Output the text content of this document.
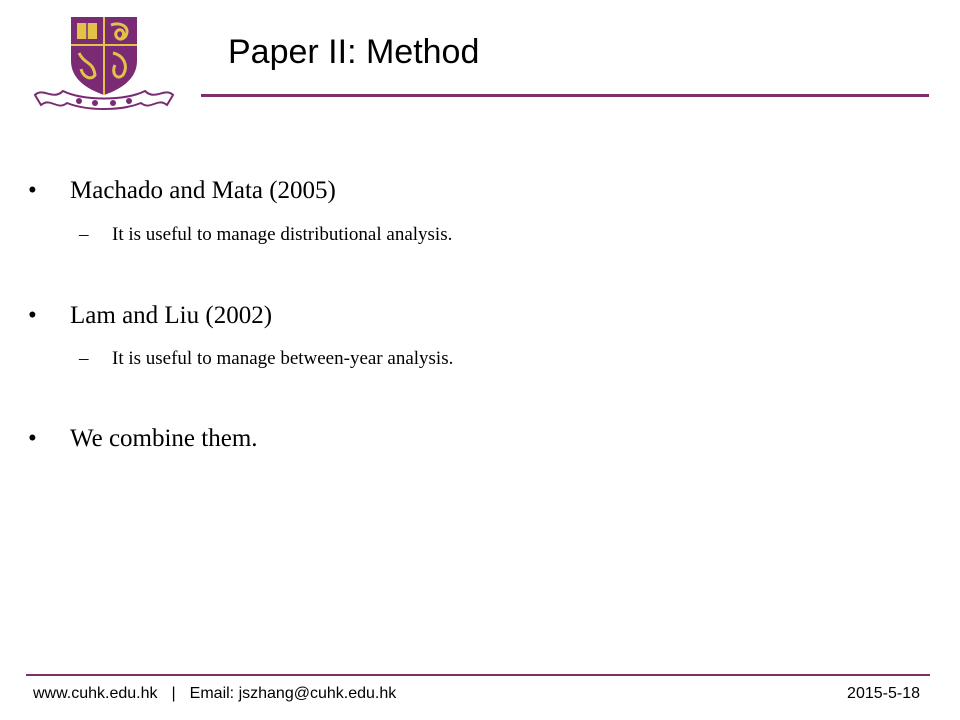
Paper II: Method
• Machado and Mata (2005)
– It is useful to manage distributional analysis.
• Lam and Liu (2002)
– It is useful to manage between-year analysis.
• We combine them.
www.cuhk.edu.hk | Email: jszhang@cuhk.edu.hk	2015-5-18
